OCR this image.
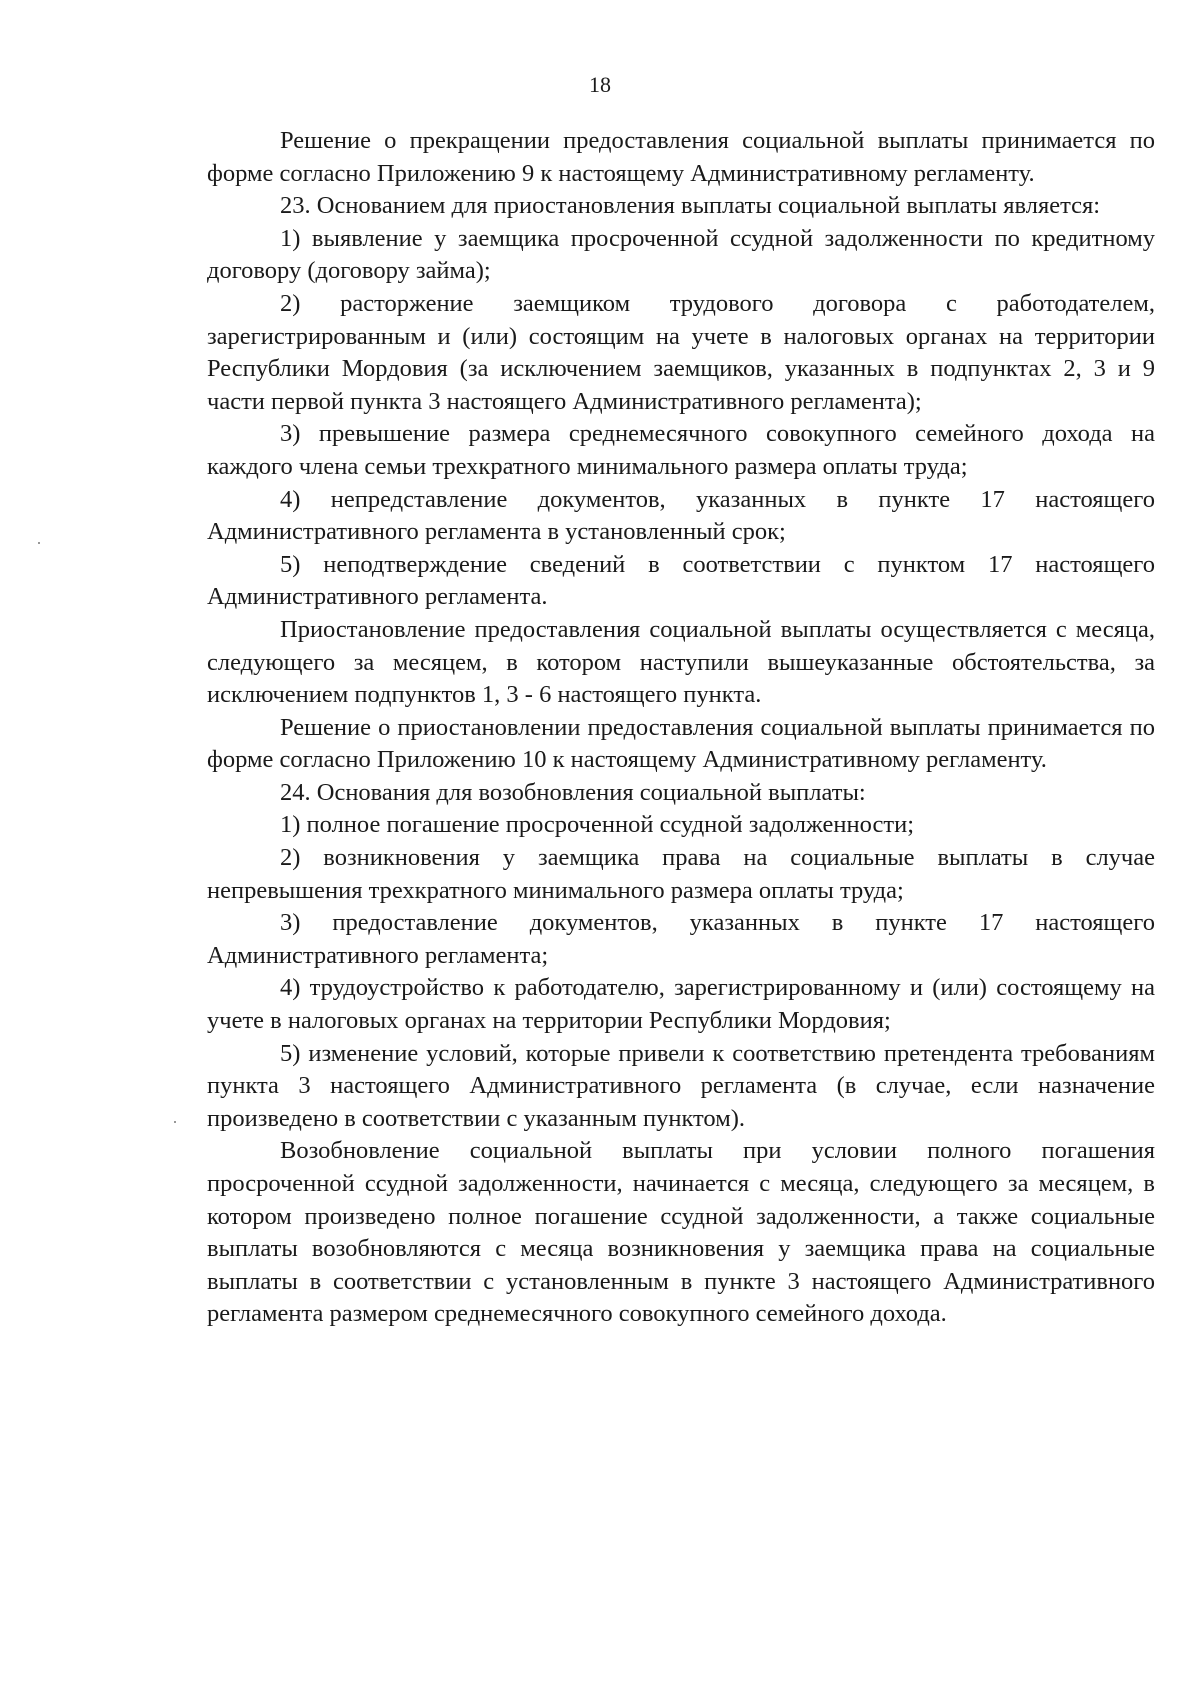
18

Решение о прекращении предоставления социальной выплаты принимается по форме согласно Приложению 9 к настоящему Административному регламенту.

23. Основанием для приостановления выплаты социальной выплаты является:

1) выявление у заемщика просроченной ссудной задолженности по кредитному договору (договору займа);

2) расторжение заемщиком трудового договора с работодателем, зарегистрированным и (или) состоящим на учете в налоговых органах на территории Республики Мордовия (за исключением заемщиков, указанных в подпунктах 2, 3 и 9 части первой пункта 3 настоящего Административного регламента);

3) превышение размера среднемесячного совокупного семейного дохода на каждого члена семьи трехкратного минимального размера оплаты труда;

4) непредставление документов, указанных в пункте 17 настоящего Административного регламента в установленный срок;

5) неподтверждение сведений в соответствии с пунктом 17 настоящего Административного регламента.

Приостановление предоставления социальной выплаты осуществляется с месяца, следующего за месяцем, в котором наступили вышеуказанные обстоятельства, за исключением подпунктов 1, 3 - 6 настоящего пункта.

Решение о приостановлении предоставления социальной выплаты принимается по форме согласно Приложению 10 к настоящему Административному регламенту.

24. Основания для возобновления социальной выплаты:

1) полное погашение просроченной ссудной задолженности;

2) возникновения у заемщика права на социальные выплаты в случае непревышения трехкратного минимального размера оплаты труда;

3) предоставление документов, указанных в пункте 17 настоящего Административного регламента;

4) трудоустройство к работодателю, зарегистрированному и (или) состоящему на учете в налоговых органах на территории Республики Мордовия;

5) изменение условий, которые привели к соответствию претендента требованиям пункта 3 настоящего Административного регламента (в случае, если назначение произведено в соответствии с указанным пунктом).

Возобновление социальной выплаты при условии полного погашения просроченной ссудной задолженности, начинается с месяца, следующего за месяцем, в котором произведено полное погашение ссудной задолженности, а также социальные выплаты возобновляются с месяца возникновения у заемщика права на социальные выплаты в соответствии с установленным в пункте 3 настоящего Административного регламента размером среднемесячного совокупного семейного дохода.
